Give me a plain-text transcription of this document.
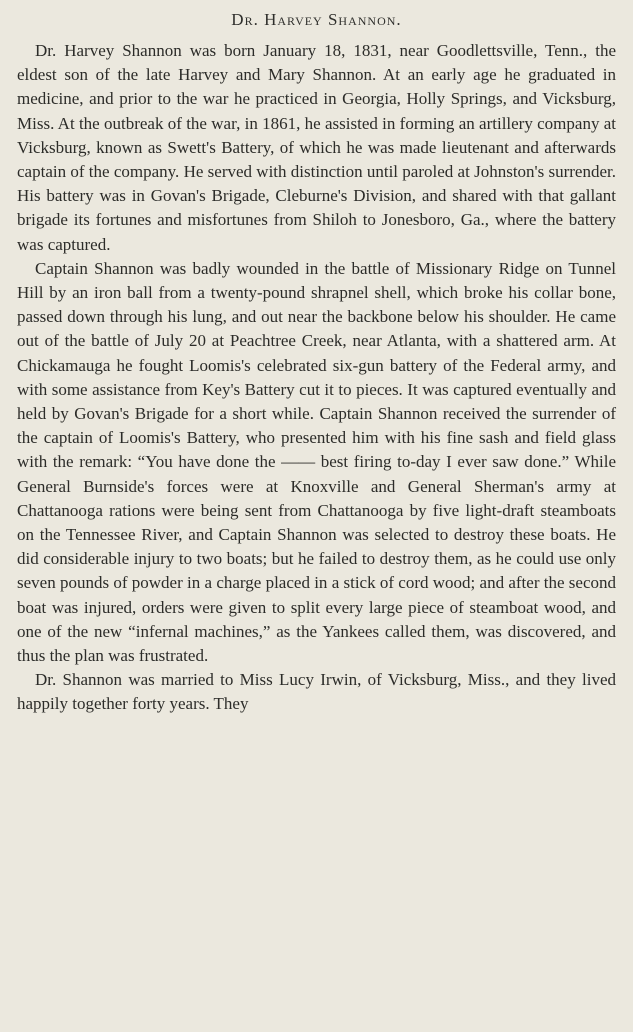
Dr. Harvey Shannon.

Dr. Harvey Shannon was born January 18, 1831, near Goodlettsville, Tenn., the eldest son of the late Harvey and Mary Shannon. At an early age he graduated in medicine, and prior to the war he practiced in Georgia, Holly Springs, and Vicksburg, Miss. At the outbreak of the war, in 1861, he assisted in forming an artillery company at Vicksburg, known as Swett's Battery, of which he was made lieutenant and afterwards captain of the company. He served with distinction until paroled at Johnston's surrender. His battery was in Govan's Brigade, Cleburne's Division, and shared with that gallant brigade its fortunes and misfortunes from Shiloh to Jonesboro, Ga., where the battery was captured.

Captain Shannon was badly wounded in the battle of Missionary Ridge on Tunnel Hill by an iron ball from a twenty-pound shrapnel shell, which broke his collar bone, passed down through his lung, and out near the backbone below his shoulder. He came out of the battle of July 20 at Peachtree Creek, near Atlanta, with a shattered arm. At Chickamauga he fought Loomis's celebrated six-gun battery of the Federal army, and with some assistance from Key's Battery cut it to pieces. It was captured eventually and held by Govan's Brigade for a short while. Captain Shannon received the surrender of the captain of Loomis's Battery, who presented him with his fine sash and field glass with the remark: “You have done the —— best firing to-day I ever saw done.” While General Burnside's forces were at Knoxville and General Sherman's army at Chattanooga rations were being sent from Chattanooga by five light-draft steamboats on the Tennessee River, and Captain Shannon was selected to destroy these boats. He did considerable injury to two boats; but he failed to destroy them, as he could use only seven pounds of powder in a charge placed in a stick of cord wood; and after the second boat was injured, orders were given to split every large piece of steamboat wood, and one of the new “infernal machines,” as the Yankees called them, was discovered, and thus the plan was frustrated.

Dr. Shannon was married to Miss Lucy Irwin, of Vicksburg, Miss., and they lived happily together forty years. They
